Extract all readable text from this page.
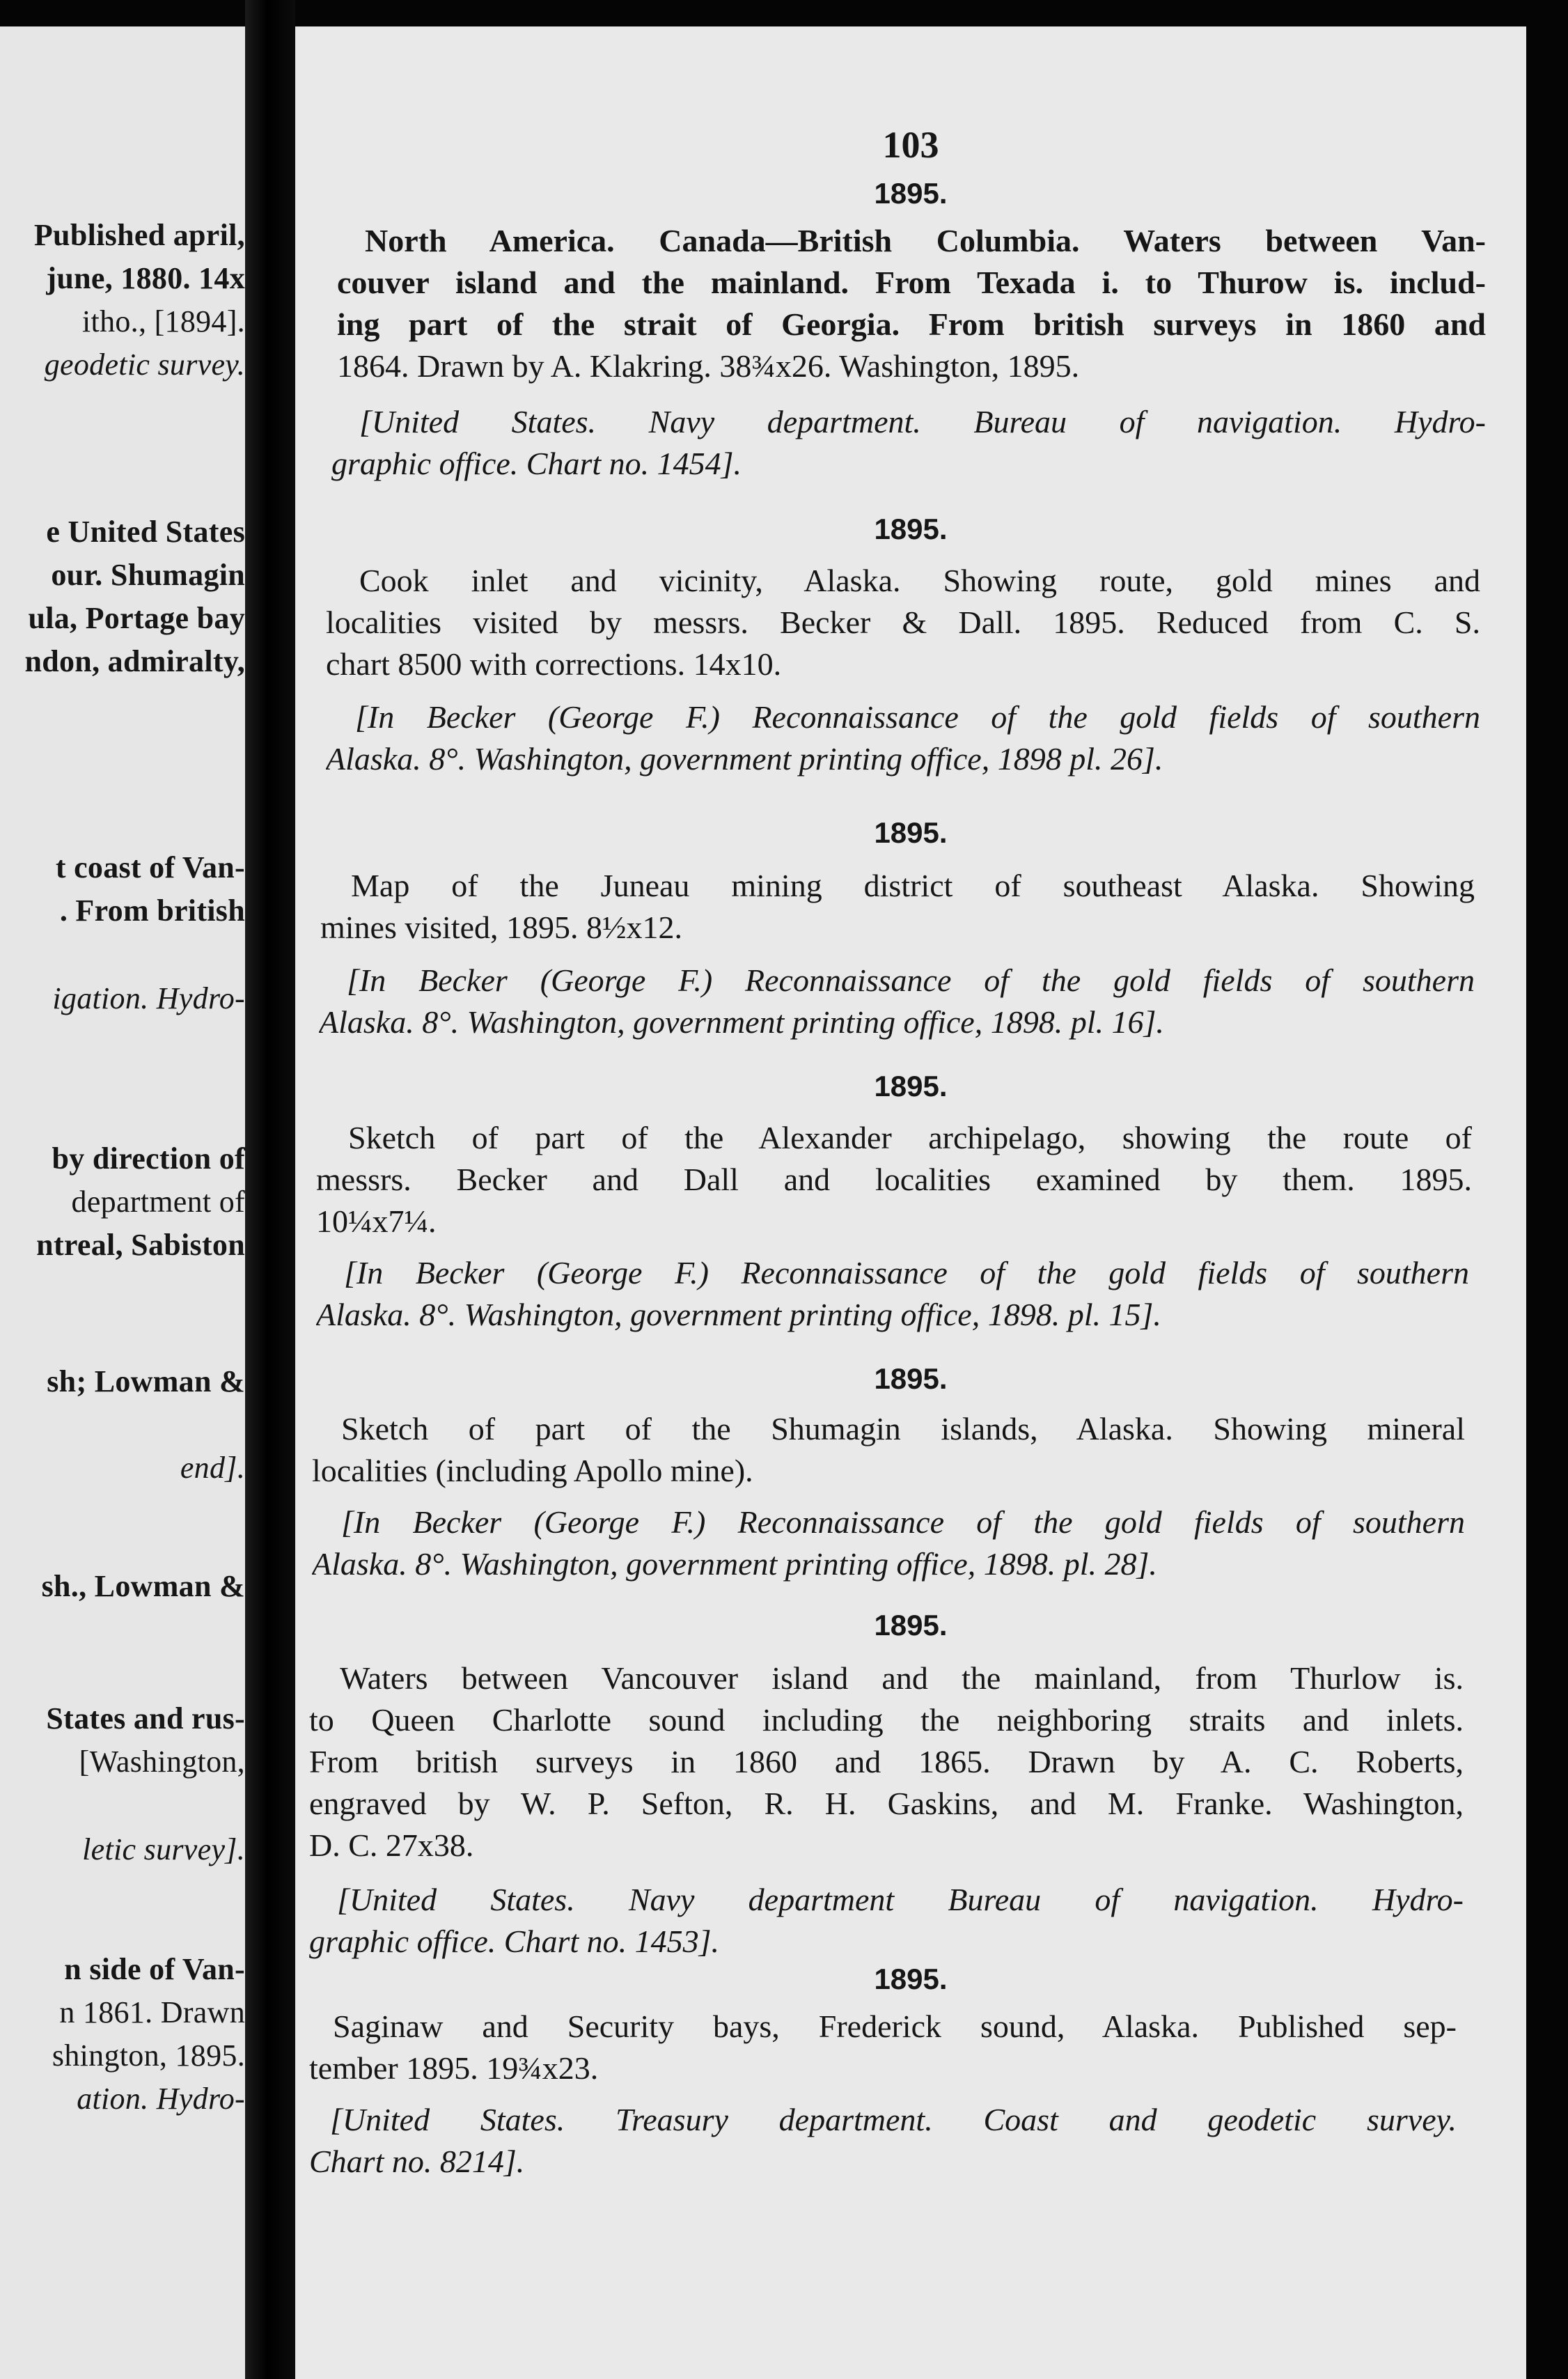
Published april,
june, 1880. 14x
itho., [1894].
geodetic survey.
e United States
our. Shumagin
ula, Portage bay
ndon, admiralty,
t coast of Van-
. From british
igation. Hydro-
by direction of
department of
ntreal, Sabiston
sh; Lowman &
end].
sh., Lowman &
States and rus-
[Washington,
letic survey].
n side of Van-
n 1861. Drawn
shington, 1895.
ation. Hydro-
103
1895.
North America. Canada—British Columbia. Waters between Van-
couver island and the mainland. From Texada i. to Thurow is. includ-
ing part of the strait of Georgia. From british surveys in 1860 and
1864. Drawn by A. Klakring. 38¾x26. Washington, 1895.
[United States. Navy department. Bureau of navigation. Hydro-
graphic office. Chart no. 1454].
1895.
Cook inlet and vicinity, Alaska. Showing route, gold mines and
localities visited by messrs. Becker & Dall. 1895. Reduced from C. S.
chart 8500 with corrections. 14x10.
[In Becker (George F.) Reconnaissance of the gold fields of southern
Alaska. 8°. Washington, government printing office, 1898 pl. 26].
1895.
Map of the Juneau mining district of southeast Alaska. Showing
mines visited, 1895. 8½x12.
[In Becker (George F.) Reconnaissance of the gold fields of southern
Alaska. 8°. Washington, government printing office, 1898. pl. 16].
1895.
Sketch of part of the Alexander archipelago, showing the route of
messrs. Becker and Dall and localities examined by them. 1895.
10¼x7¼.
[In Becker (George F.) Reconnaissance of the gold fields of southern
Alaska. 8°. Washington, government printing office, 1898. pl. 15].
1895.
Sketch of part of the Shumagin islands, Alaska. Showing mineral
localities (including Apollo mine).
[In Becker (George F.) Reconnaissance of the gold fields of southern
Alaska. 8°. Washington, government printing office, 1898. pl. 28].
1895.
Waters between Vancouver island and the mainland, from Thurlow is.
to Queen Charlotte sound including the neighboring straits and inlets.
From british surveys in 1860 and 1865. Drawn by A. C. Roberts,
engraved by W. P. Sefton, R. H. Gaskins, and M. Franke. Washington,
D. C. 27x38.
[United States. Navy department Bureau of navigation. Hydro-
graphic office. Chart no. 1453].
1895.
Saginaw and Security bays, Frederick sound, Alaska. Published sep-
tember 1895. 19¾x23.
[United States. Treasury department. Coast and geodetic survey.
Chart no. 8214].
